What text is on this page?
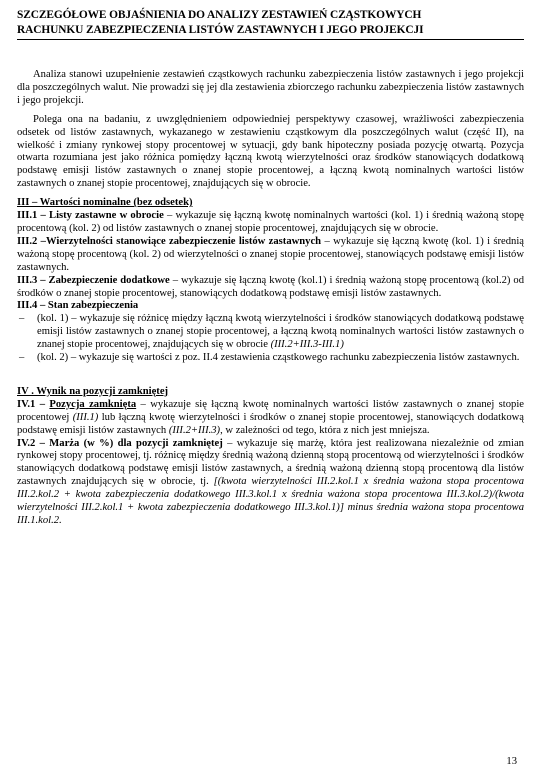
SZCZEGÓŁOWE OBJAŚNIENIA DO ANALIZY ZESTAWIEŃ CZĄSTKOWYCH
RACHUNKU ZABEZPIECZENIA LISTÓW ZASTAWNYCH I JEGO PROJEKCJI

Analiza stanowi uzupełnienie zestawień cząstkowych rachunku zabezpieczenia listów zastawnych i jego projekcji dla poszczególnych walut. Nie prowadzi się jej dla zestawienia zbiorczego rachunku zabezpieczenia listów zastawnych i jego projekcji.

Polega ona na badaniu, z uwzględnieniem odpowiedniej perspektywy czasowej, wrażliwości zabezpieczenia odsetek od listów zastawnych, wykazanego w zestawieniu cząstkowym dla poszczególnych walut (część II), na wielkość i zmiany rynkowej stopy procentowej w sytuacji, gdy bank hipoteczny posiada pozycję otwartą. Pozycja otwarta rozumiana jest jako różnica pomiędzy łączną kwotą wierzytelności oraz środków stanowiących dodatkową podstawę emisji listów zastawnych o znanej stopie procentowej, a łączną kwotą nominalnych wartości listów zastawnych o znanej stopie procentowej, znajdujących się w obrocie.

III – Wartości nominalne (bez odsetek)

III.1 – Listy zastawne w obrocie – wykazuje się łączną kwotę nominalnych wartości (kol. 1) i średnią ważoną stopę procentową (kol. 2) od listów zastawnych o znanej stopie procentowej, znajdujących się w obrocie.

III.2 –Wierzytelności stanowiące zabezpieczenie listów zastawnych – wykazuje się łączną kwotę (kol. 1) i średnią ważoną stopę procentową (kol. 2) od wierzytelności o znanej stopie procentowej, stanowiących podstawę emisji listów zastawnych.

III.3 – Zabezpieczenie dodatkowe – wykazuje się łączną kwotę (kol.1) i średnią ważoną stopę procentową (kol.2) od środków o znanej stopie procentowej, stanowiących dodatkową podstawę emisji listów zastawnych.

III.4 – Stan zabezpieczenia

– (kol. 1) – wykazuje się różnicę między łączną kwotą wierzytelności i środków stanowiących dodatkową podstawę emisji listów zastawnych o znanej stopie procentowej, a łączną kwotą nominalnych wartości listów zastawnych o znanej stopie procentowej, znajdujących się w obrocie (III.2+III.3-III.1)
– (kol. 2) – wykazuje się wartości z poz. II.4 zestawienia cząstkowego rachunku zabezpieczenia listów zastawnych.
IV . Wynik na pozycji zamkniętej

IV.1 – Pozycja zamknięta – wykazuje się łączną kwotę nominalnych wartości listów zastawnych o znanej stopie procentowej (III.1) lub łączną kwotę wierzytelności i środków o znanej stopie procentowej, stanowiących dodatkową podstawę emisji listów zastawnych (III.2+III.3), w zależności od tego, która z nich jest mniejsza.

IV.2 – Marża (w %) dla pozycji zamkniętej – wykazuje się marżę, która jest realizowana niezależnie od zmian rynkowej stopy procentowej, tj. różnicę między średnią ważoną dzienną stopą procentową od wierzytelności i środków stanowiących dodatkową podstawę emisji listów zastawnych, a średnią ważoną dzienną stopą procentową dla listów zastawnych znajdujących się w obrocie, tj. [(kwota wierzytelności III.2.kol.1 x średnia ważona stopa procentowa III.2.kol.2 + kwota zabezpieczenia dodatkowego III.3.kol.1 x średnia ważona stopa procentowa III.3.kol.2)/(kwota wierzytelności III.2.kol.1 + kwota zabezpieczenia dodatkowego III.3.kol.1)] minus średnia ważona stopa procentowa III.1.kol.2.

13
